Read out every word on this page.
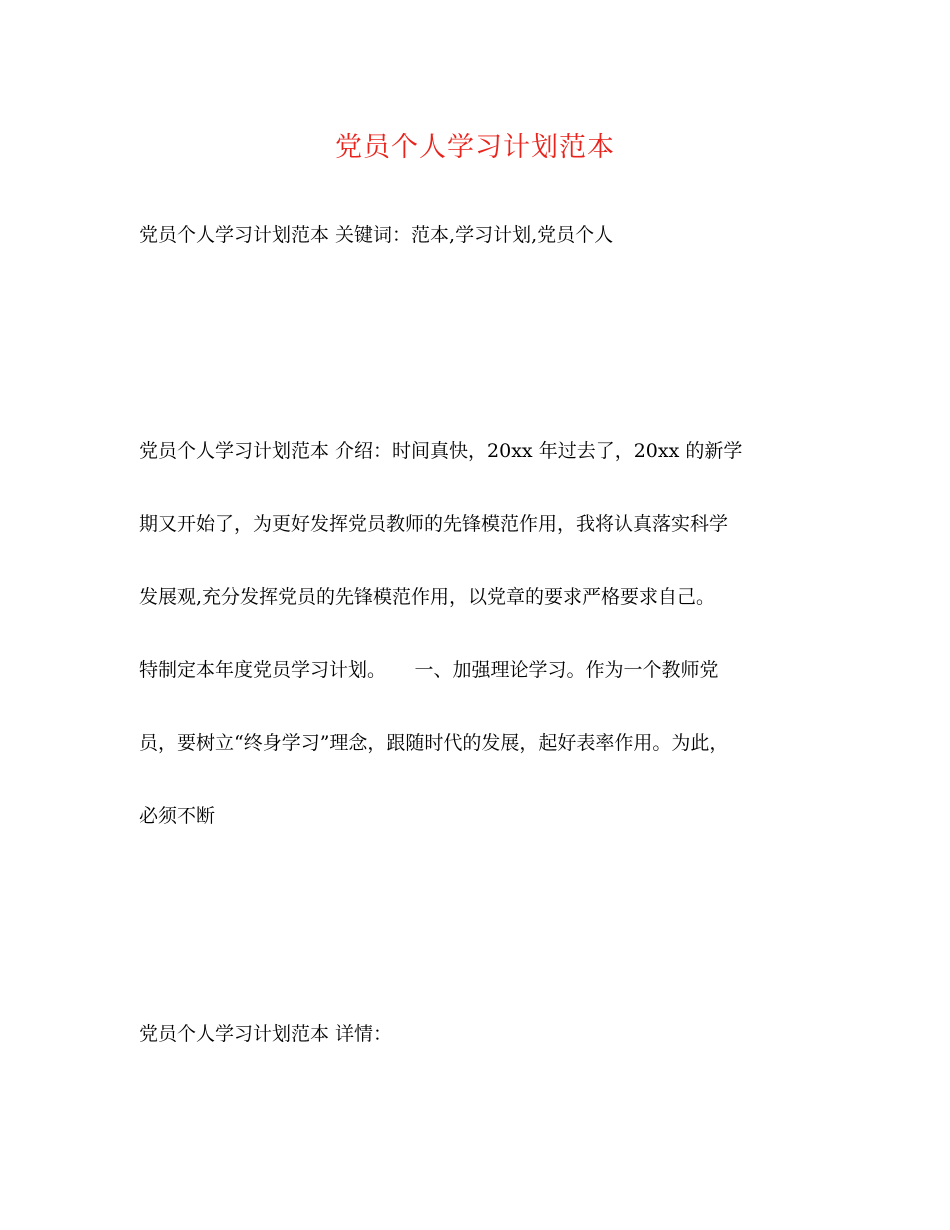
党员个人学习计划范本
党员个人学习计划范本 关键词：范本,学习计划,党员个人
党员个人学习计划范本 介绍：时间真快，20xx 年过去了，20xx 的新学
期又开始了，为更好发挥党员教师的先锋模范作用，我将认真落实科学
发展观,充分发挥党员的先锋模范作用，以党章的要求严格要求自己。
特制定本年度党员学习计划。　　一、加强理论学习。作为一个教师党
员，要树立“终身学习”理念，跟随时代的发展，起好表率作用。为此，
必须不断
党员个人学习计划范本 详情：
